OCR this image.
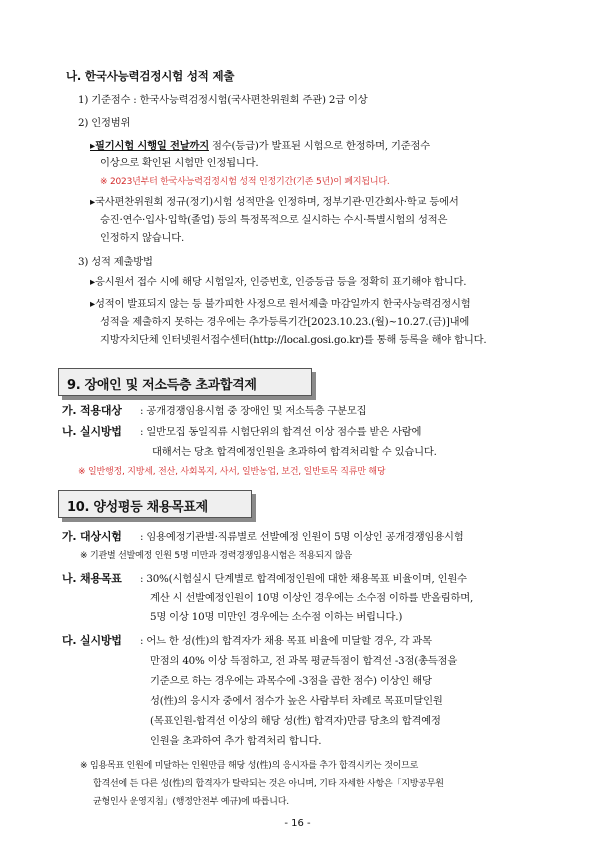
나. 한국사능력검정시험 성적 제출
1) 기준점수 : 한국사능력검정시험(국사편찬위원회 주관) 2급 이상
2) 인정범위
▸필기시험 시행일 전날까지 점수(등급)가 발표된 시험으로 한정하며, 기준점수
이상으로 확인된 시험만 인정됩니다.
※ 2023년부터 한국사능력검정시험 성적 인정기간(기존 5년)이 폐지됩니다.
▸국사편찬위원회 정규(정기)시험 성적만을 인정하며, 정부기관·민간회사·학교 등에서
승진·연수·입사·입학(졸업) 등의 특정목적으로 실시하는 수시·특별시험의 성적은
인정하지 않습니다.
3) 성적 제출방법
▸응시원서 접수 시에 해당 시험일자, 인증번호, 인증등급 등을 정확히 표기해야 합니다.
▸성적이 발표되지 않는 등 불가피한 사정으로 원서제출 마감일까지 한국사능력검정시험
성적을 제출하지 못하는 경우에는 추가등록기간[2023.10.23.(월)~10.27.(금)]내에
지방자치단체 인터넷원서접수센터(http://local.gosi.go.kr)를 통해 등록을 해야 합니다.
9. 장애인 및 저소득층 초과합격제
가. 적용대상 : 공개경쟁임용시험 중 장애인 및 저소득층 구분모집
나. 실시방법 : 일반모집 동일직류 시험단위의 합격선 이상 점수를 받은 사람에
대해서는 당초 합격예정인원을 초과하여 합격처리할 수 있습니다.
※ 일반행정, 지방세, 전산, 사회복지, 사서, 일반농업, 보건, 일반토목 직류만 해당
10. 양성평등 채용목표제
가. 대상시험 : 임용예정기관별·직류별로 선발예정 인원이 5명 이상인 공개경쟁임용시험
※ 기관별 선발예정 인원 5명 미만과 경력경쟁임용시험은 적용되지 않음
나. 채용목표 : 30%(시험실시 단계별로 합격예정인원에 대한 채용목표 비율이며, 인원수
계산 시 선발예정인원이 10명 이상인 경우에는 소수점 이하를 반올림하며,
5명 이상 10명 미만인 경우에는 소수점 이하는 버립니다.)
다. 실시방법 : 어느 한 성(性)의 합격자가 채용 목표 비율에 미달할 경우, 각 과목
만점의 40% 이상 득점하고, 전 과목 평균득점이 합격선 -3점(총득점을
기준으로 하는 경우에는 과목수에 -3점을 곱한 점수) 이상인 해당
성(性)의 응시자 중에서 점수가 높은 사람부터 차례로 목표미달인원
(목표인원-합격선 이상의 해당 성(性) 합격자)만큼 당초의 합격예정
인원을 초과하여 추가 합격처리 합니다.
※ 임용목표 인원에 미달하는 인원만큼 해당 성(性)의 응시자를 추가 합격시키는 것이므로
합격선에 든 다른 성(性)의 합격자가 탈락되는 것은 아니며, 기타 자세한 사항은「지방공무원
균형인사 운영지침」(행정안전부 예규)에 따릅니다.
- 16 -
